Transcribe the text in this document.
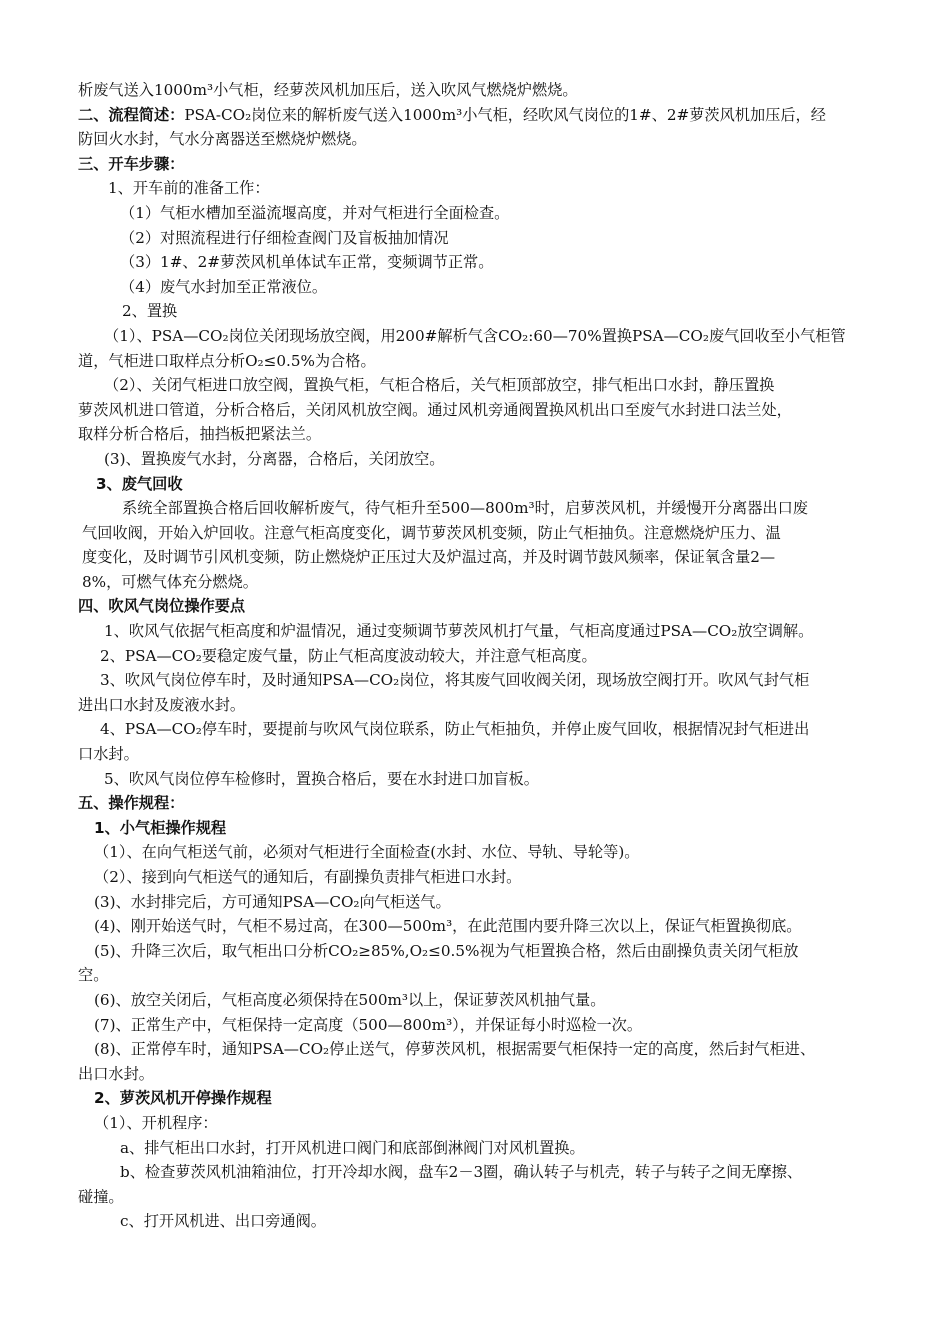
析废气送入1000m³小气柜，经萝茨风机加压后，送入吹风气燃烧炉燃烧。
二、流程简述：PSA-CO₂岗位来的解析废气送入1000m³小气柜，经吹风气岗位的1#、2#萝茨风机加压后，经
防回火水封，气水分离器送至燃烧炉燃烧。
三、开车步骤：
1、开车前的准备工作：
（1）气柜水槽加至溢流堰高度，并对气柜进行全面检查。
（2）对照流程进行仔细检查阀门及盲板抽加情况
（3）1#、2#萝茨风机单体试车正常，变频调节正常。
（4）废气水封加至正常液位。
2、置换
（1）、PSA—CO₂岗位关闭现场放空阀，用200#解析气含CO₂:60—70%置换PSA—CO₂废气回收至小气柜管
道，气柜进口取样点分析O₂≤0.5%为合格。
（2）、关闭气柜进口放空阀，置换气柜，气柜合格后，关气柜顶部放空，排气柜出口水封，静压置换
萝茨风机进口管道，分析合格后，关闭风机放空阀。通过风机旁通阀置换风机出口至废气水封进口法兰处，
取样分析合格后，抽挡板把紧法兰。
(3)、置换废气水封，分离器，合格后，关闭放空。
3、废气回收
系统全部置换合格后回收解析废气，待气柜升至500—800m³时，启萝茨风机，并缓慢开分离器出口废
气回收阀，开始入炉回收。注意气柜高度变化，调节萝茨风机变频，防止气柜抽负。注意燃烧炉压力、温
度变化，及时调节引风机变频，防止燃烧炉正压过大及炉温过高，并及时调节鼓风频率，保证氧含量2—
8%，可燃气体充分燃烧。
四、吹风气岗位操作要点
1、吹风气依据气柜高度和炉温情况，通过变频调节萝茨风机打气量，气柜高度通过PSA—CO₂放空调解。
2、PSA—CO₂要稳定废气量，防止气柜高度波动较大，并注意气柜高度。
3、吹风气岗位停车时，及时通知PSA—CO₂岗位，将其废气回收阀关闭，现场放空阀打开。吹风气封气柜
进出口水封及废液水封。
4、PSA—CO₂停车时，要提前与吹风气岗位联系，防止气柜抽负，并停止废气回收，根据情况封气柜进出
口水封。
5、吹风气岗位停车检修时，置换合格后，要在水封进口加盲板。
五、操作规程：
1、小气柜操作规程
（1）、在向气柜送气前，必须对气柜进行全面检查(水封、水位、导轨、导轮等)。
（2）、接到向气柜送气的通知后，有副操负责排气柜进口水封。
(3)、水封排完后，方可通知PSA—CO₂向气柜送气。
(4)、刚开始送气时，气柜不易过高，在300—500m³，在此范围内要升降三次以上，保证气柜置换彻底。
(5)、升降三次后，取气柜出口分析CO₂≥85%,O₂≤0.5%视为气柜置换合格，然后由副操负责关闭气柜放
空。
(6)、放空关闭后，气柜高度必须保持在500m³以上，保证萝茨风机抽气量。
(7)、正常生产中，气柜保持一定高度（500—800m³），并保证每小时巡检一次。
(8)、正常停车时，通知PSA—CO₂停止送气，停萝茨风机，根据需要气柜保持一定的高度，然后封气柜进、
出口水封。
2、萝茨风机开停操作规程
（1）、开机程序：
a、排气柜出口水封，打开风机进口阀门和底部倒淋阀门对风机置换。
b、检查萝茨风机油箱油位，打开冷却水阀，盘车2－3圈，确认转子与机壳，转子与转子之间无摩擦、
碰撞。
c、打开风机进、出口旁通阀。
